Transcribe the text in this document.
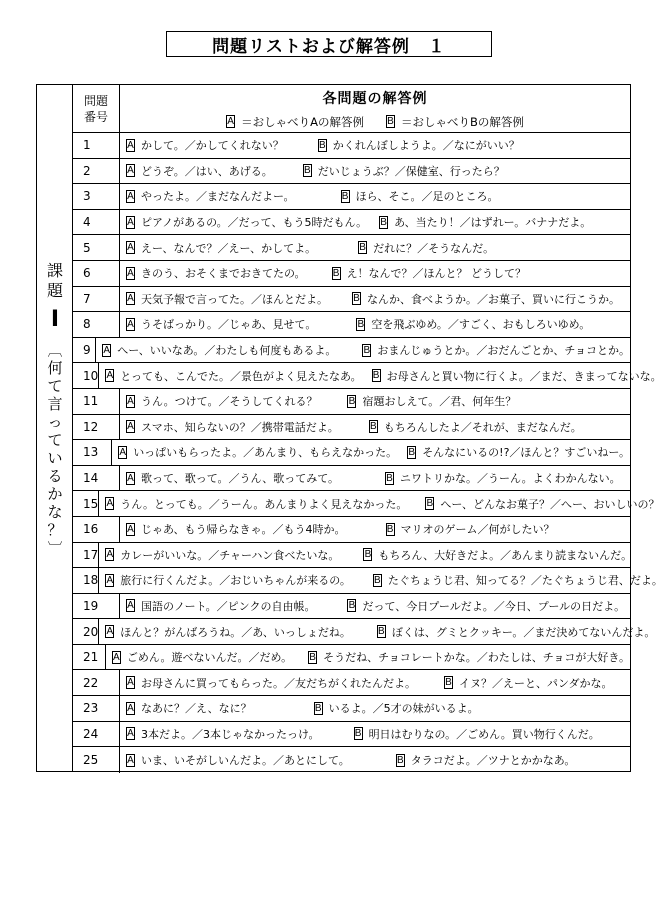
問題リストおよび解答例　１
課
題
Ⅰ
〔
何
て
言
っ
て
い
る
か
な
？
〕
問題
番号
各問題の解答例
A ＝おしゃべりAの解答例 B ＝おしゃべりBの解答例
1	A かして。／かしてくれない？	B かくれんぼしようよ。／なにがいい？
2	A どうぞ。／はい、あげる。	B だいじょうぶ？／保健室、行ったら？
3	A やったよ。／まだなんだよー。	B ほら、そこ。／足のところ。
4	A ピアノがあるの。／だって、もう5時だもん。 B あ、当たり！／はずれー。バナナだよ。
5	A えー、なんで？／えー、かしてよ。	B だれに？／そうなんだ。
6	A きのう、おそくまでおきてたの。	B え！なんで？／ほんと？ どうして？
7	A 天気予報で言ってた。／ほんとだよ。	B なんか、食べようか。／お菓子、買いに行こうか。
8	A うそばっかり。／じゃあ、見せて。	B 空を飛ぶゆめ。／すごく、おもしろいゆめ。
9	A へー、いいなあ。／わたしも何度もあるよ。	B おまんじゅうとか。／おだんごとか、チョコとか。
10 A とっても、こんでた。／景色がよく見えたなあ。 B お母さんと買い物に行くよ。／まだ、きまってないな。
11	A うん。つけて。／そうしてくれる？	B 宿題おしえて。／君、何年生？
12	A スマホ、知らないの？／携帯電話だよ。	B もちろんしたよ／それが、まだなんだ。
13	A いっぱいもらったよ。／あんまり、もらえなかった。 B そんなにいるの!?／ほんと？すごいねー。
14	A 歌って、歌って。／うん、歌ってみて。	B ニワトリかな。／うーん。よくわかんない。
15 A うん。とっても。／うーん。あんまりよく見えなかった。 B へー、どんなお菓子？／へー、おいしいの？
16	A じゃあ、もう帰らなきゃ。／もう4時か。	B マリオのゲーム／何がしたい？
17 A カレーがいいな。／チャーハン食べたいな。	B もちろん、大好きだよ。／あんまり読まないんだ。
18 A 旅行に行くんだよ。／おじいちゃんが来るの。 B たぐちょうじ君、知ってる？／たぐちょうじ君、だよ。
19	A 国語のノート。／ピンクの自由帳。	B だって、今日プールだよ。／今日、プールの日だよ。
20 A ほんと？がんばろうね。／あ、いっしょだね。	B ぼくは、グミとクッキー。／まだ決めてないんだよ。
21	A ごめん。遊べないんだ。／だめ。 B そうだね、チョコレートかな。／わたしは、チョコが大好き。
22	A お母さんに買ってもらった。／友だちがくれたんだよ。	B イヌ？／えーと、パンダかな。
23	A なあに？／え、なに？	B いるよ。／5才の妹がいるよ。
24	A 3本だよ。／3本じゃなかったっけ。	B 明日はむりなの。／ごめん。買い物行くんだ。
25	A いま、いそがしいんだよ。／あとにして。	B タラコだよ。／ツナとかかなあ。
